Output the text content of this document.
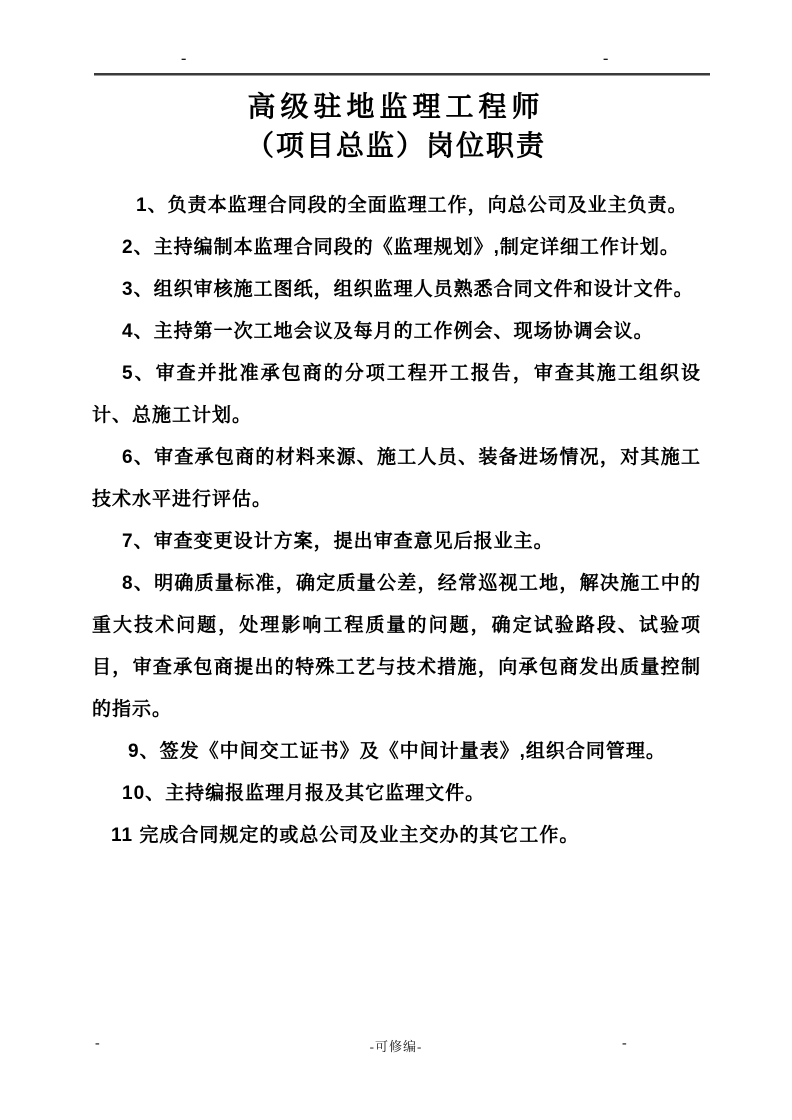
-	-
高级驻地监理工程师
（项目总监）岗位职责

1、负责本监理合同段的全面监理工作，向总公司及业主负责。

2、主持编制本监理合同段的《监理规划》,制定详细工作计划。

3、组织审核施工图纸，组织监理人员熟悉合同文件和设计文件。

4、主持第一次工地会议及每月的工作例会、现场协调会议。

5、审查并批准承包商的分项工程开工报告，审查其施工组织设计、总施工计划。

6、审查承包商的材料来源、施工人员、装备进场情况，对其施工技术水平进行评估。

7、审查变更设计方案，提出审查意见后报业主。

8、明确质量标准，确定质量公差，经常巡视工地，解决施工中的重大技术问题，处理影响工程质量的问题，确定试验路段、试验项目，审查承包商提出的特殊工艺与技术措施，向承包商发出质量控制的指示。

9、签发《中间交工证书》及《中间计量表》,组织合同管理。

10、主持编报监理月报及其它监理文件。

11 完成合同规定的或总公司及业主交办的其它工作。

-	-可修编-	-
